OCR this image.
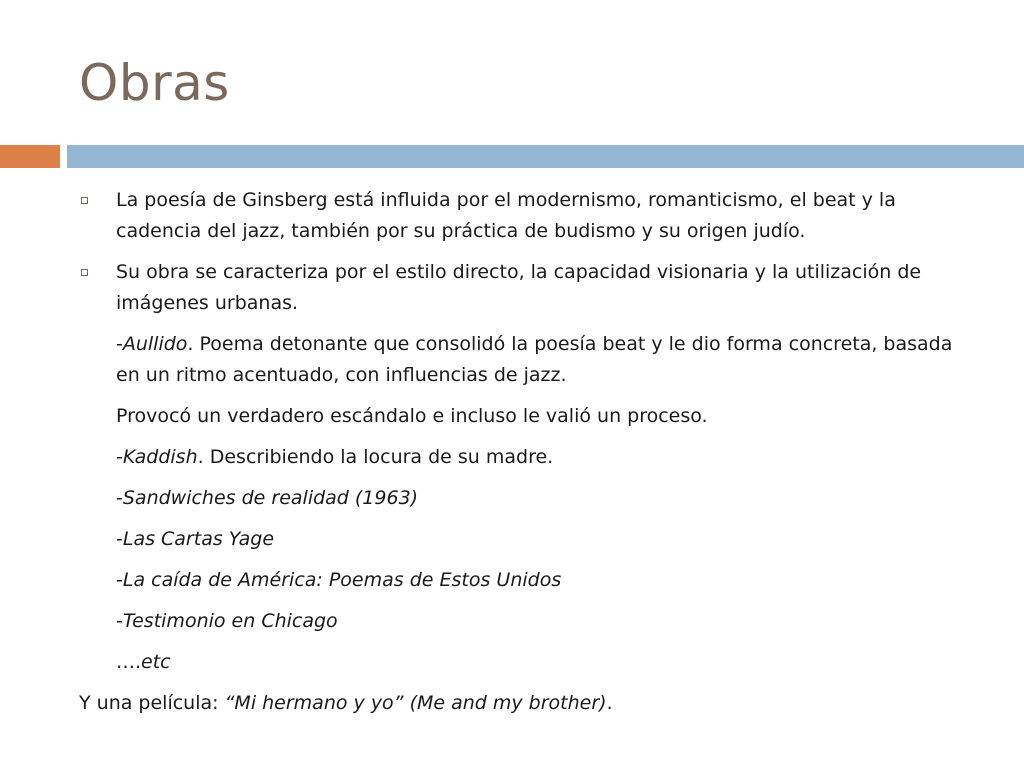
Obras

La poesía de Ginsberg está influida por el modernismo, romanticismo, el beat y la cadencia del jazz, también por su práctica de budismo y su origen judío.

Su obra se caracteriza por el estilo directo, la capacidad visionaria y la utilización de imágenes urbanas.

-Aullido. Poema detonante que consolidó la poesía beat y le dio forma concreta, basada en un ritmo acentuado, con influencias de jazz.

Provocó un verdadero escándalo e incluso le valió un proceso.

-Kaddish. Describiendo la locura de su madre.

-Sandwiches de realidad (1963)

-Las Cartas Yage

-La caída de América: Poemas de Estos Unidos

-Testimonio en Chicago

….etc

Y una película: “Mi hermano y yo” (Me and my brother).
